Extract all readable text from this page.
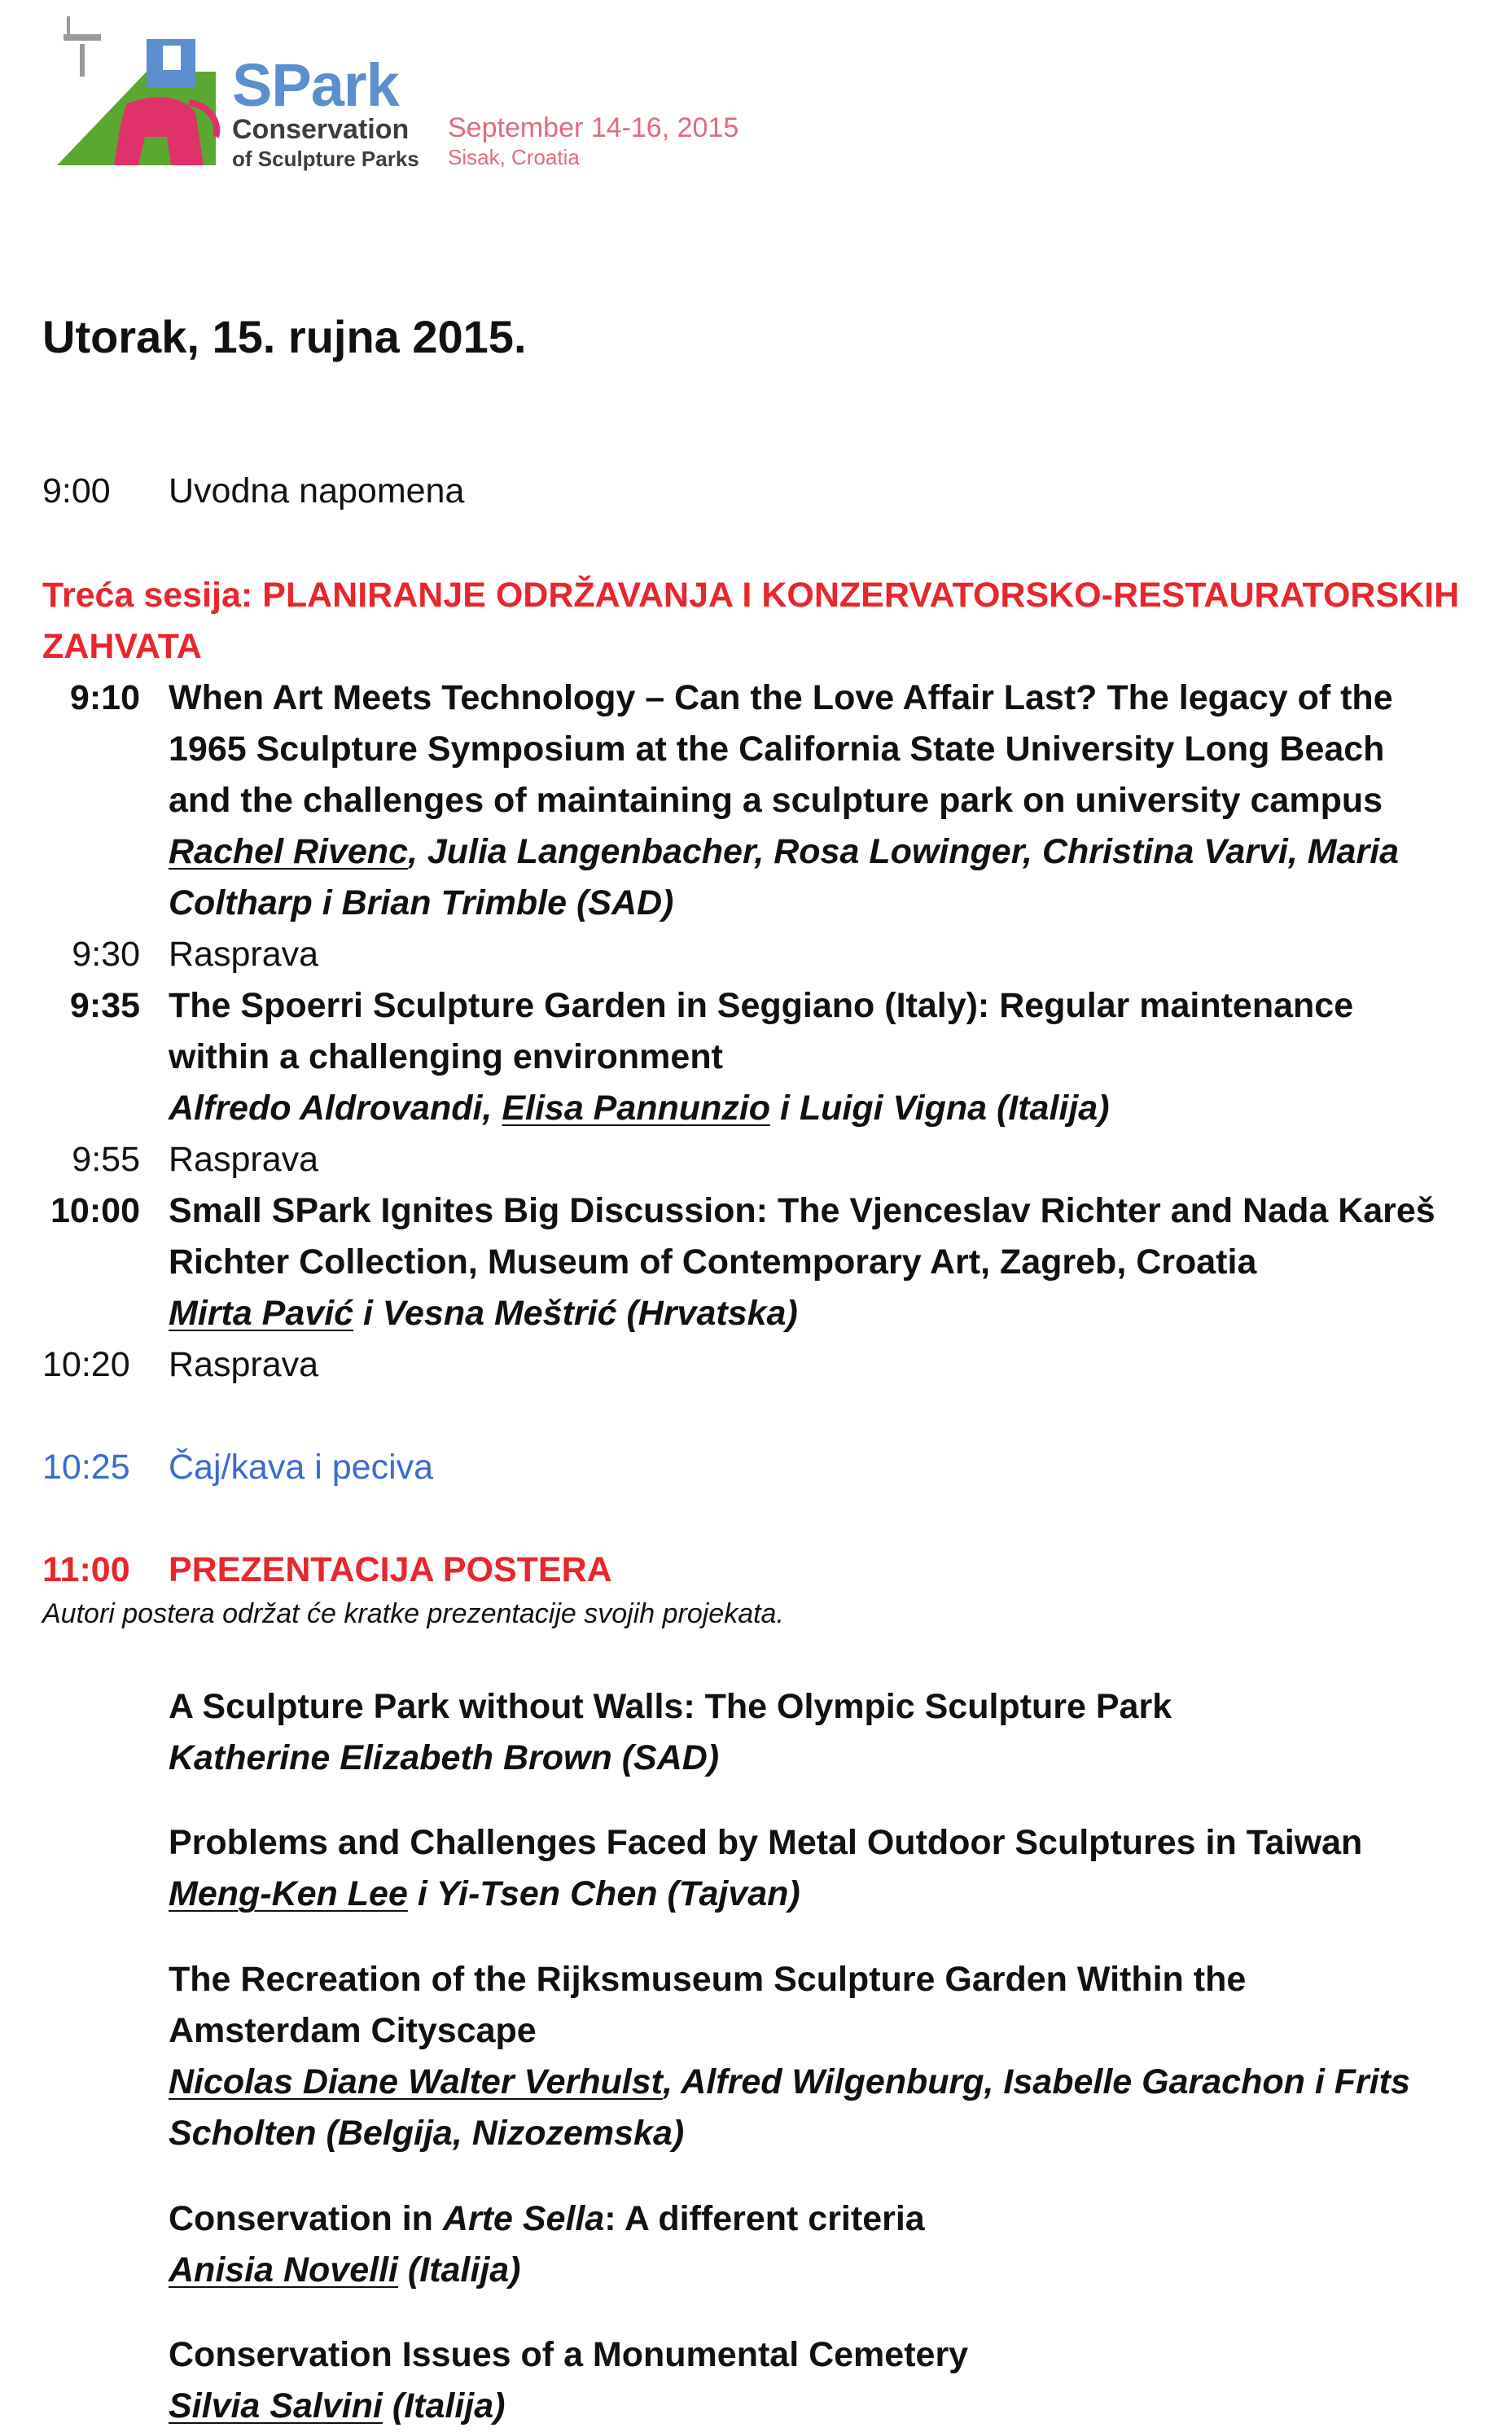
SPark
Conservation
of Sculpture Parks
September 14-16, 2015
Sisak, Croatia
Utorak, 15. rujna 2015.
9:00	Uvodna napomena
Treća sesija: PLANIRANJE ODRŽAVANJA I KONZERVATORSKO-RESTAURATORSKIH
ZAHVATA
9:10 When Art Meets Technology – Can the Love Affair Last? The legacy of the
1965 Sculpture Symposium at the California State University Long Beach
and the challenges of maintaining a sculpture park on university campus
Rachel Rivenc, Julia Langenbacher, Rosa Lowinger, Christina Varvi, Maria
Coltharp i Brian Trimble (SAD)
9:30 Rasprava
9:35 The Spoerri Sculpture Garden in Seggiano (Italy): Regular maintenance
within a challenging environment
Alfredo Aldrovandi, Elisa Pannunzio i Luigi Vigna (Italija)
9:55 Rasprava
10:00 Small SPark Ignites Big Discussion: The Vjenceslav Richter and Nada Kareš
Richter Collection, Museum of Contemporary Art, Zagreb, Croatia
Mirta Pavić i Vesna Meštrić (Hrvatska)
10:20	Rasprava
10:25	Čaj/kava i peciva
11:00	PREZENTACIJA POSTERA
Autori postera održat će kratke prezentacije svojih projekata.
A Sculpture Park without Walls: The Olympic Sculpture Park
Katherine Elizabeth Brown (SAD)
Problems and Challenges Faced by Metal Outdoor Sculptures in Taiwan
Meng-Ken Lee i Yi-Tsen Chen (Tajvan)
The Recreation of the Rijksmuseum Sculpture Garden Within the
Amsterdam Cityscape
Nicolas Diane Walter Verhulst, Alfred Wilgenburg, Isabelle Garachon i Frits
Scholten (Belgija, Nizozemska)
Conservation in Arte Sella: A different criteria
Anisia Novelli (Italija)
Conservation Issues of a Monumental Cemetery
Silvia Salvini (Italija)
